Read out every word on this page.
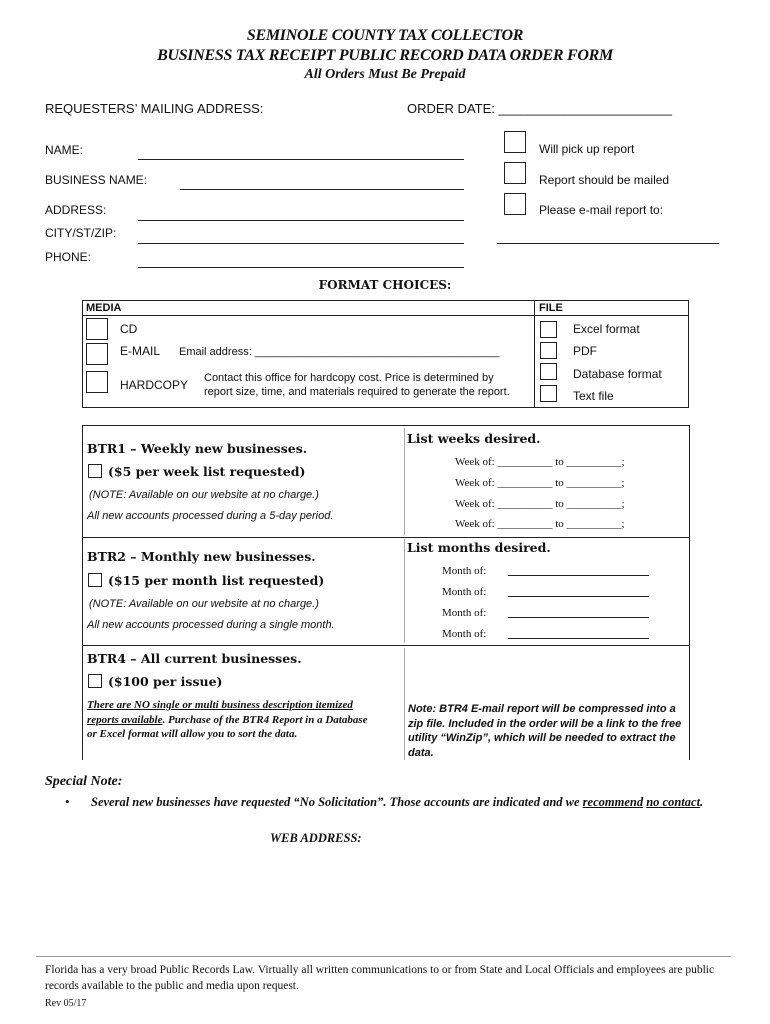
SEMINOLE COUNTY TAX COLLECTOR
BUSINESS TAX RECEIPT PUBLIC RECORD DATA ORDER FORM
All Orders Must Be Prepaid
REQUESTERS’ MAILING ADDRESS:	ORDER DATE: ________________________
NAME:
BUSINESS NAME:
ADDRESS:
CITY/ST/ZIP:
PHONE:
Will pick up report
Report should be mailed
Please e-mail report to:
FORMAT CHOICES:
MEDIA	FILE
CD
E-MAIL Email address: ________________________________________
HARDCOPY Contact this office for hardcopy cost. Price is determined by
report size, time, and materials required to generate the report.
Excel format
PDF
Database format
Text file
BTR1 – Weekly new businesses.
($5 per week list requested)
(NOTE: Available on our website at no charge.)
All new accounts processed during a 5-day period.
List weeks desired.
Week of: __________ to __________;
Week of: __________ to __________;
Week of: __________ to __________;
Week of: __________ to __________;
BTR2 – Monthly new businesses.
($15 per month list requested)
(NOTE: Available on our website at no charge.)
All new accounts processed during a single month.
List months desired.
Month of:
Month of:
Month of:
Month of:
BTR4 – All current businesses.
($100 per issue)
There are NO single or multi business description itemized reports available. Purchase of the BTR4 Report in a Database or Excel format will allow you to sort the data.
Note: BTR4 E-mail report will be compressed into a zip file. Included in the order will be a link to the free utility “WinZip”, which will be needed to extract the data.
Special Note:
• Several new businesses have requested “No Solicitation”. Those accounts are indicated and we recommend no contact.
WEB ADDRESS:
Florida has a very broad Public Records Law. Virtually all written communications to or from State and Local Officials and employees are public records available to the public and media upon request.
Rev 05/17
